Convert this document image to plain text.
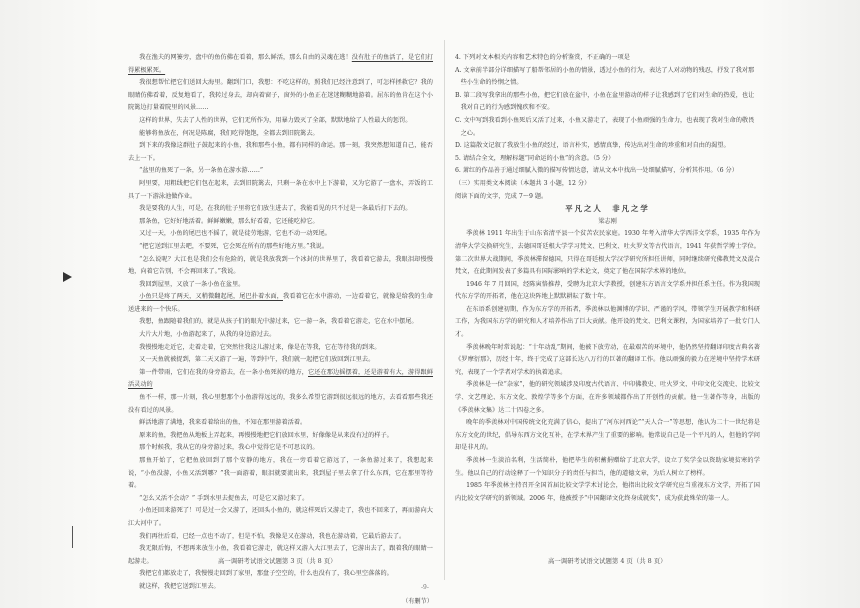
我在渔夫的网篓旁，盘中的鱼仿佛在看着，那么鲜活，那么自由的灵魂在逃！没有肚子的鱼活了，是它们打得累极累死。

我很想帮忙把它们送回大海里。翻到门口，我想：不吃这样的，照我们已经注意到了，可怎样拯救它？我的眼睛仿佛看着，反复地看了，我转过身去，却向着窗子，窗外的小鱼正在迷迷糊糊地游着。屈东的鱼肯在这个小院篱边打量着院里的风景……

这样的世界，失去了人性的世界，它们无所作为，用暴力毁灭了全部，默默地给了人性最大的惩罚。

能够将鱼放在，何况是陈腐，我们吃得饱饱，全都去到旧院篱去。

到下来的我像这群肚子鼓起来的小鱼，我和那些小鱼，都有同样的命运。那一刻，我突然想知道自己，能否去上一下。

“盆里的鱼死了一条，另一条鱼在游水游……”

阿里要，用粗线把它们包在起来，去到旧院篱去，只剩一条在水中上下游着，又为它游了一盘水，弄饭的工具了一下游泳池做作业。

我是要我的人生，可是，在我的肚子里将它们放生进去了，我能看见的只不过是一条最后打下去的。

那条鱼，它好好地活着。鲜鲜嫩嫩，那么好看着，它还能吃掉它。

又过一天，小鱼的尾巴也不摇了，就是徒劳地游，它也不动一动死尾。

“把它送到江里去吧，不要死，它会死在所有的那些好地方里。”我说。

“怎么说呢？大江也是我们会有危险的，就是我放我到一个冰封的世界里了，我看着它游去，我眼泪却慢慢地，向着它告别，不会再回来了。”我说。

我回到屋里，又放了一条小鱼在盆里。

小鱼只是疼了两天，又稍微翻起尾，尾巴扑着水面，我看着它在水中游动，一边看着它，就像是给我的生命送进来的一个快乐。

我想，鱼跟随着我们的，就是从孩子们的眼光中游过来，它一游一条，我看着它游走，它在水中摆尾。

大片大片地，小鱼游起来了，从我的身边游过去。

我慢慢地走近它，走着走着，它突然往我这儿游过来，像是在等我，它在等待我的到来。

又一天鱼就被捉到，第二天又游了一遍，等到中午，我们就一起把它们放回到江里去。

第一件带雨，它们在我的身旁游去，在一条小鱼死掉的地方，它还在那边摇摆着，还是游着有大，游得跟鲜活灵动的

鱼不一样，那一片刻，我心里想那个小鱼游得远远的，我多么希望它游到很远很远的地方，去看看那些我还没有看过的风景。

鲜活地游了满地，我来看着给出的鱼，不知在那里游着活着。

原来的鱼，我把鱼从地板上弄起来，再慢慢地把它们放回水里，好像像是从来没有过的样子。

那个时候我，我从它的身旁游过来，我心中觉得它是不可思议的。

那鱼开始了，它把鱼放回到了那个安静的地方，我在一旁看着它游远了，一条鱼游过来了，我想起来说，“小鱼没游，小鱼又活到哪？”我一面游着，眼泪就要流出来，我到屋子里去拿了什么东西，它在那里等待着。

“怎么又活不会动？” 手到水里去捉鱼去，可是它又游过来了。

小鱼还回来游死了！可是过一会又游了，还回头小鱼的，就这样死后又游走了，我也不回来了，再而游向大江大河中了。

我们再往后看，已经一点也不动了，但是不怕，我像是又在游动，我也在游动着，它最后游去了。

我无限后悔，不想再来放生小鱼，我看着它游走，就这样又游入大江里去了，它游出去了，跟着我的眼睛一起游走。

我把它们都放走了，我慢慢走回到了家里，那盘子空空的，什么也没有了，我心里空落落的。

就这样，我把它送到江里去。

（有删节）
高一调研考试语文试题第 3 页（共 8 页）

4. 下列对文本相关内容和艺术特色的分析鉴赏，不正确的一项是

A. 文章前半部分详细描写了船帮邻居的小鱼的情景，透过小鱼的行为，表达了人对动物的残忍，抒发了我对那些小生命的怜悯之情。

B. 第二段写我拿出的那些小鱼，把它们放在盆中，小鱼在盆里游动的样子让我感到了它们对生命的热爱，也让我对自己的行为感到愧疚和不安。

C. 文中写到我看到小鱼死后又活了过来，小鱼又游走了，表现了小鱼顽强的生命力，也表现了我对生命的敬畏之心。

D. 这篇散文记叙了我放生小鱼的经过，语言朴实，感情真挚，传达出对生命的珍重和对自由的渴望。

5. 请结合全文，理解标题“同命运的小鱼”的含意。（5 分）

6. 萧红的作品善于通过细腻入微的描写传情达意，请从文本中找出一处细腻描写，分析其作用。（6 分）

（三）实用类文本阅读（本题共 3 小题，12 分）

阅读下面的文字，完成 7～9 题。

平凡之人　非凡之学
梁志刚

季羡林 1911 年出生于山东省清平县一个贫苦农民家庭。1930 年考入清华大学西洋文学系，1935 年作为清华大学交换研究生，去德国哥廷根大学学习梵文、巴利文、吐火罗文等古代语言，1941 年获哲学博士学位。第二次世界大战期间，季羡林滞留德国，只得在哥廷根大学汉学研究所担任讲师，同时继续研究佛教梵文及混合梵文，在此期间发表了多篇具有国际影响的学术论文，奠定了他在国际学术界的地位。

1946 年 7 月回国，经陈寅恪推荐，受聘为北京大学教授，创建东方语言文学系并担任系主任。作为我国现代东方学的开拓者，他在这块阵地上默默耕耘了数十年。

在东语系创建初期，作为东方学的开拓者，季羡林以他渊博的学识、严谨的学风，带领学生开展教学和科研工作，为我国东方学的研究和人才培养作出了巨大贡献。他开设的梵文、巴利文课程，为国家培养了一批专门人才。

季羡林晚年时常说起：“十年动乱”期间，他被下放劳动，在最艰苦的环境中，他仍然坚持翻译印度古典名著《罗摩衍那》，历经十年，终于完成了这部长达八万行的巨著的翻译工作。他以顽强的毅力在逆境中坚持学术研究，表现了一个学者对学术的执着追求。

季羡林是一位“杂家”，他的研究领域涉及印度古代语言、中印佛教史、吐火罗文、中印文化交流史、比较文学、文艺理论、东方文化、敦煌学等多个方面，在许多领域都作出了开创性的贡献。他一生著作等身，出版的《季羡林文集》达二十四卷之多。

晚年的季羡林对中国传统文化充满了信心，提出了“河东河西论”“天人合一”等思想，他认为二十一世纪将是东方文化的世纪，倡导东西方文化互补，在学术界产生了重要的影响。他常说自己是一个平凡的人，但他的学问却是非凡的。

季羡林一生淡泊名利，生活简朴，他把毕生的积蓄捐赠给了北京大学，设立了奖学金以资助家境贫寒的学生。他以自己的行动诠释了一个知识分子的责任与担当，他的道德文章，为后人树立了榜样。

1985 年季羡林主持召开全国首届比较文学学术讨论会，他指出比较文学研究应当重视东方文学，开拓了国内比较文学研究的新领域。2006 年，他被授予“中国翻译文化终身成就奖”，成为获此殊荣的第一人。

高一调研考试语文试题第 4 页（共 8 页）
-9-
